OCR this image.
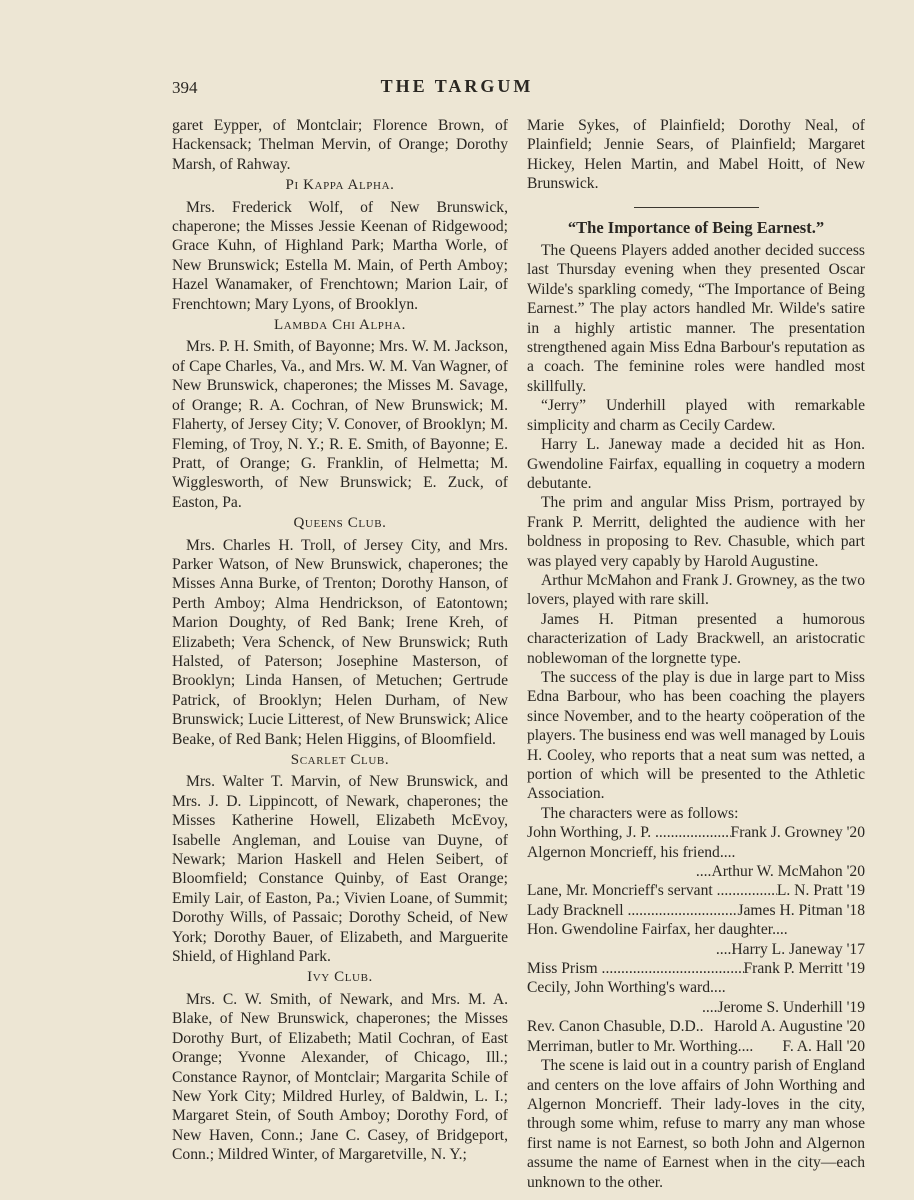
394	THE TARGUM

garet Eypper, of Montclair; Florence Brown, of Hackensack; Thelman Mervin, of Orange; Dorothy Marsh, of Rahway.

Pi Kappa Alpha.

Mrs. Frederick Wolf, of New Brunswick, chaperone; the Misses Jessie Keenan of Ridgewood; Grace Kuhn, of Highland Park; Martha Worle, of New Brunswick; Estella M. Main, of Perth Amboy; Hazel Wanamaker, of Frenchtown; Marion Lair, of Frenchtown; Mary Lyons, of Brooklyn.

Lambda Chi Alpha.

Mrs. P. H. Smith, of Bayonne; Mrs. W. M. Jackson, of Cape Charles, Va., and Mrs. W. M. Van Wagner, of New Brunswick, chaperones; the Misses M. Savage, of Orange; R. A. Cochran, of New Brunswick; M. Flaherty, of Jersey City; V. Conover, of Brooklyn; M. Fleming, of Troy, N. Y.; R. E. Smith, of Bayonne; E. Pratt, of Orange; G. Franklin, of Helmetta; M. Wigglesworth, of New Brunswick; E. Zuck, of Easton, Pa.

Queens Club.

Mrs. Charles H. Troll, of Jersey City, and Mrs. Parker Watson, of New Brunswick, chaperones; the Misses Anna Burke, of Trenton; Dorothy Hanson, of Perth Amboy; Alma Hendrickson, of Eatontown; Marion Doughty, of Red Bank; Irene Kreh, of Elizabeth; Vera Schenck, of New Brunswick; Ruth Halsted, of Paterson; Josephine Masterson, of Brooklyn; Linda Hansen, of Metuchen; Gertrude Patrick, of Brooklyn; Helen Durham, of New Brunswick; Lucie Litterest, of New Brunswick; Alice Beake, of Red Bank; Helen Higgins, of Bloomfield.

Scarlet Club.

Mrs. Walter T. Marvin, of New Brunswick, and Mrs. J. D. Lippincott, of Newark, chaperones; the Misses Katherine Howell, Elizabeth McEvoy, Isabelle Angleman, and Louise van Duyne, of Newark; Marion Haskell and Helen Seibert, of Bloomfield; Constance Quinby, of East Orange; Emily Lair, of Easton, Pa.; Vivien Loane, of Summit; Dorothy Wills, of Passaic; Dorothy Scheid, of New York; Dorothy Bauer, of Elizabeth, and Marguerite Shield, of Highland Park.

Ivy Club.

Mrs. C. W. Smith, of Newark, and Mrs. M. A. Blake, of New Brunswick, chaperones; the Misses Dorothy Burt, of Elizabeth; Matil Cochran, of East Orange; Yvonne Alexander, of Chicago, Ill.; Constance Raynor, of Montclair; Margarita Schile of New York City; Mildred Hurley, of Baldwin, L. I.; Margaret Stein, of South Amboy; Dorothy Ford, of New Haven, Conn.; Jane C. Casey, of Bridgeport, Conn.; Mildred Winter, of Margaretville, N. Y.;

Marie Sykes, of Plainfield; Dorothy Neal, of Plainfield; Jennie Sears, of Plainfield; Margaret Hickey, Helen Martin, and Mabel Hoitt, of New Brunswick.

“The Importance of Being Earnest.”

The Queens Players added another decided success last Thursday evening when they presented Oscar Wilde's sparkling comedy, “The Importance of Being Earnest.” The play actors handled Mr. Wilde's satire in a highly artistic manner. The presentation strengthened again Miss Edna Barbour's reputation as a coach. The feminine roles were handled most skillfully.

“Jerry” Underhill played with remarkable simplicity and charm as Cecily Cardew.

Harry L. Janeway made a decided hit as Hon. Gwendoline Fairfax, equalling in coquetry a modern debutante.

The prim and angular Miss Prism, portrayed by Frank P. Merritt, delighted the audience with her boldness in proposing to Rev. Chasuble, which part was played very capably by Harold Augustine.

Arthur McMahon and Frank J. Growney, as the two lovers, played with rare skill.

James H. Pitman presented a humorous characterization of Lady Brackwell, an aristocratic noblewoman of the lorgnette type.

The success of the play is due in large part to Miss Edna Barbour, who has been coaching the players since November, and to the hearty coöperation of the players. The business end was well managed by Louis H. Cooley, who reports that a neat sum was netted, a portion of which will be presented to the Athletic Association.

The characters were as follows:

John Worthing, J. P. .....	Frank J. Growney '20
Algernon Moncrieff, his friend....
....Arthur W. McMahon '20
Lane, Mr. Moncrieff's servant .....	L. N. Pratt '19
Lady Bracknell .....	James H. Pitman '18
Hon. Gwendoline Fairfax, her daughter....
....Harry L. Janeway '17
Miss Prism .....	Frank P. Merritt '19
Cecily, John Worthing's ward....
....Jerome S. Underhill '19
Rev. Canon Chasuble, D.D.. Harold A. Augustine '20
Merriman, butler to Mr. Worthing....	F. A. Hall '20

The scene is laid out in a country parish of England and centers on the love affairs of John Worthing and Algernon Moncrieff. Their lady-loves in the city, through some whim, refuse to marry any man whose first name is not Earnest, so both John and Algernon assume the name of Earnest when in the city—each unknown to the other.
